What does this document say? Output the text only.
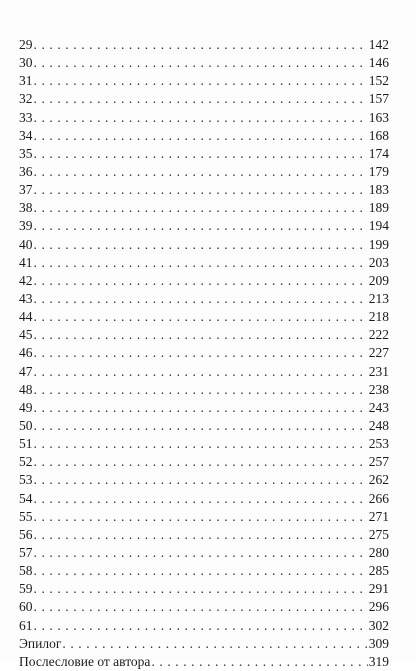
29 . . .	142
30 . . .	146
31 . . .	152
32 . . .	157
33 . . .	163
34 . . .	168
35 . . .	174
36 . . .	179
37 . . .	183
38 . . .	189
39 . . .	194
40 . . .	199
41 . . .	203
42 . . .	209
43 . . .	213
44 . . .	218
45 . . .	222
46 . . .	227
47 . . .	231
48 . . .	238
49 . . .	243
50 . . .	248
51 . . .	253
52 . . .	257
53 . . .	262
54 . . .	266
55 . . .	271
56 . . .	275
57 . . .	280
58 . . .	285
59 . . .	291
60 . . .	296
61 . . .	302
Эпилог . . .	309
Послесловие от автора . . .	319
